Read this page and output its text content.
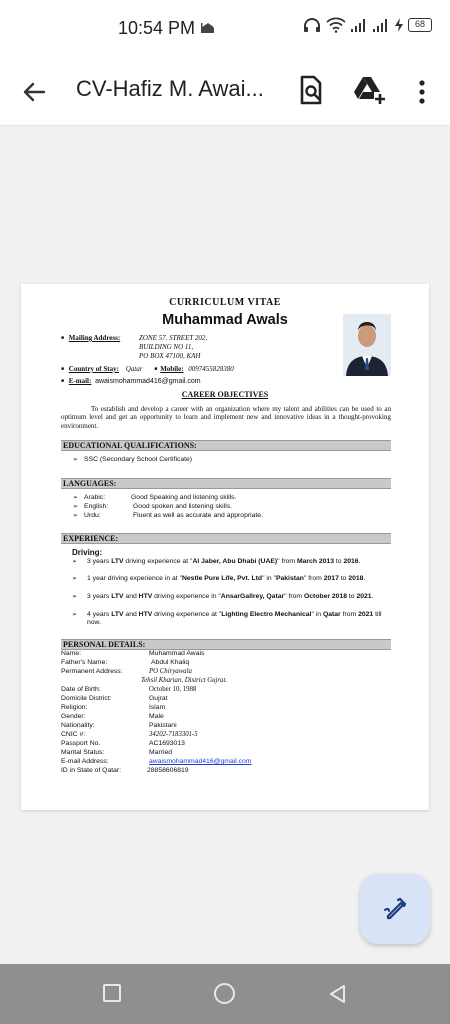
10:54 PM	68
CV-Hafiz M. Awai...
CURRICULUM VITAE
Muhammad Awals
■ Mailing Address:	ZONE 57. STREET 202,
BUILDING NO 11,
PO BOX 47100, KAH
■ Country of Stay: Qatar ■	Mobile: 0097455828380
■ E-mail: awaismohammad416@gmail.com
CAREER OBJECTIVES
To establish and develop a career with an organization where my talent and abilities can be used to an optimum level and get an opportunity to learn and implement new and innovative ideas in a thought-provoking environment.
EDUCATIONAL QUALIFICATIONS:
➢ SSC (Secondary School Certificate)
LANGUAGES:
➢ Arabic:	Good Speaking and listening skills.
➢ English:	Good spoken and listening skills.
➢ Urdu:	Fluent as well as accurate and appropriate.
EXPERIENCE:
Driving:
➢ 3 years LTV driving experience at "Al Jaber, Abu Dhabi (UAE)" from March 2013 to 2016.
➢ 1 year driving experience in at "Nestle Pure Life, Pvt. Ltd" in "Pakistan" from 2017 to 2018.
➢ 3 years LTV and HTV driving experience in "AnsarGallrey, Qatar" from October 2018 to 2021.
➢ 4 years LTV and HTV driving experience at "Lighting Electro Mechanical" in Qatar from 2021 till now.
PERSONAL DETAILS:
Name:	Muhammad Awais
Father's Name:	Abdul Khaliq
Permanent Address:	PO Chiryawala
Tehsil Kharian, District Gujrat.
Date of Birth:	October 10, 1988
Domicile District:	Gujrat
Religion:	Islam
Gender:	Male
Nationality:	Pakistani
CNIC #:	34202-7183301-5
Passport No.	AC1693013
Marital Status:	Married
E-mail Address:	awaismohammad416@gmail.com
ID in State of Qatar:	28858606819
